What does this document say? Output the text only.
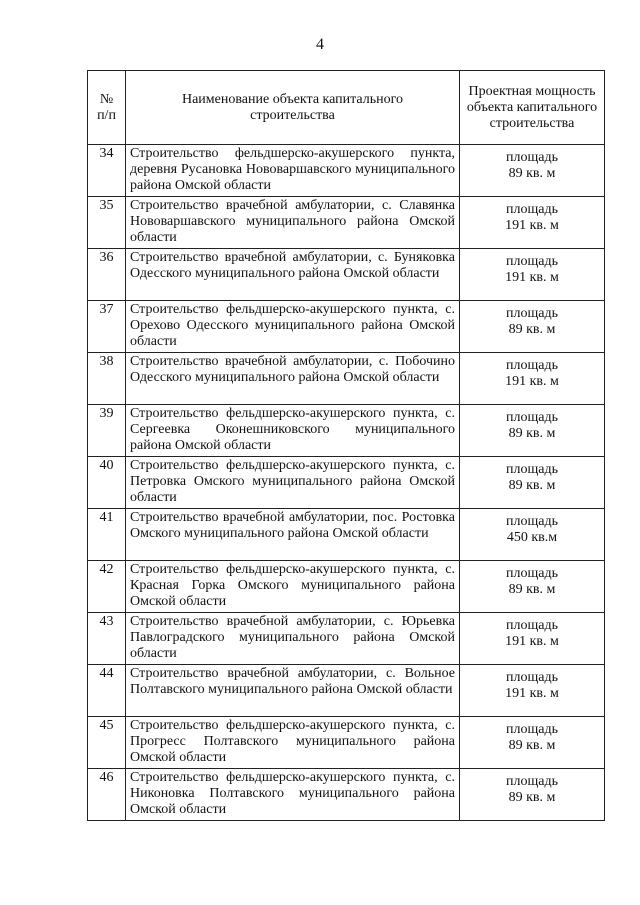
4
№
п/п	Наименование объекта капитального строительства	Проектная мощность объекта капитального строительства
34	Строительство фельдшерско-акушерского пункта, деревня Русановка Нововаршавского муниципального района Омской области	площадь
89 кв. м

35	Строительство врачебной амбулатории, с. Славянка Нововаршавского муниципального района Омской области	площадь
191 кв. м

36	Строительство врачебной амбулатории, с. Буняковка Одесского муниципального района Омской области	площадь
191 кв. м

37	Строительство фельдшерско-акушерского пункта, с. Орехово Одесского муниципального района Омской области	площадь
89 кв. м

38	Строительство врачебной амбулатории, с. Побочино Одесского муниципального района Омской области	площадь
191 кв. м

39	Строительство фельдшерско-акушерского пункта, с. Сергеевка Оконешниковского муниципального района Омской области	площадь
89 кв. м

40	Строительство фельдшерско-акушерского пункта, с. Петровка Омского муниципального района Омской области	площадь
89 кв. м

41	Строительство врачебной амбулатории, пос. Ростовка Омского муниципального района Омской области	площадь
450 кв.м

42	Строительство фельдшерско-акушерского пункта, с. Красная Горка Омского муниципального района Омской области	площадь
89 кв. м

43	Строительство врачебной амбулатории, с. Юрьевка Павлоградского муниципального района Омской области	площадь
191 кв. м

44	Строительство врачебной амбулатории, с. Вольное Полтавского муниципального района Омской области	площадь
191 кв. м

45	Строительство фельдшерско-акушерского пункта, с. Прогресс Полтавского муниципального района Омской области	площадь
89 кв. м

46	Строительство фельдшерско-акушерского пункта, с. Никоновка Полтавского муниципального района Омской области	площадь
89 кв. м
